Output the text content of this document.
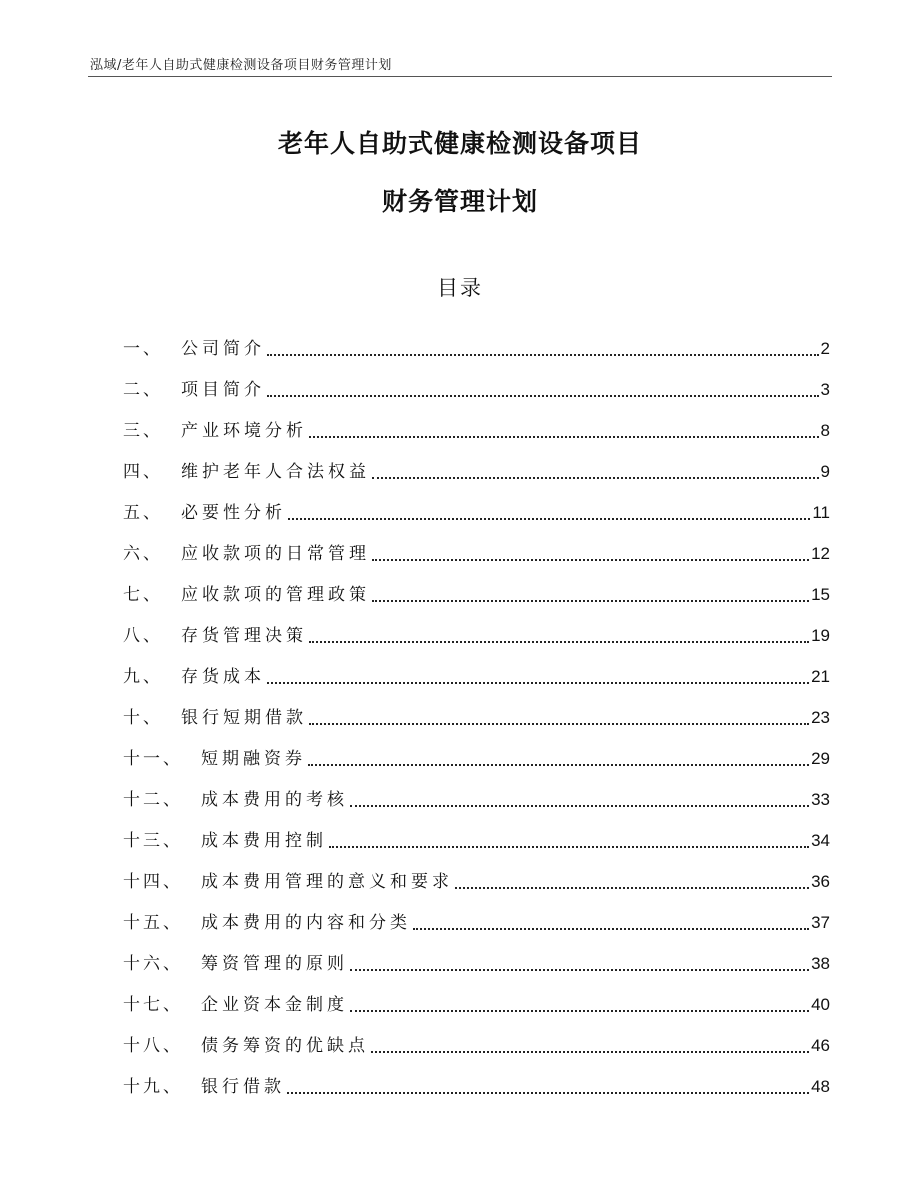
泓域/老年人自助式健康检测设备项目财务管理计划
老年人自助式健康检测设备项目
财务管理计划
目录
一、 公司简介	2
二、 项目简介	3
三、 产业环境分析	8
四、 维护老年人合法权益	9
五、 必要性分析	11
六、 应收款项的日常管理	12
七、 应收款项的管理政策	15
八、 存货管理决策	19
九、 存货成本	21
十、 银行短期借款	23
十一、 短期融资券	29
十二、 成本费用的考核	33
十三、 成本费用控制	34
十四、 成本费用管理的意义和要求	36
十五、 成本费用的内容和分类	37
十六、 筹资管理的原则	38
十七、 企业资本金制度	40
十八、 债务筹资的优缺点	46
十九、 银行借款	48
